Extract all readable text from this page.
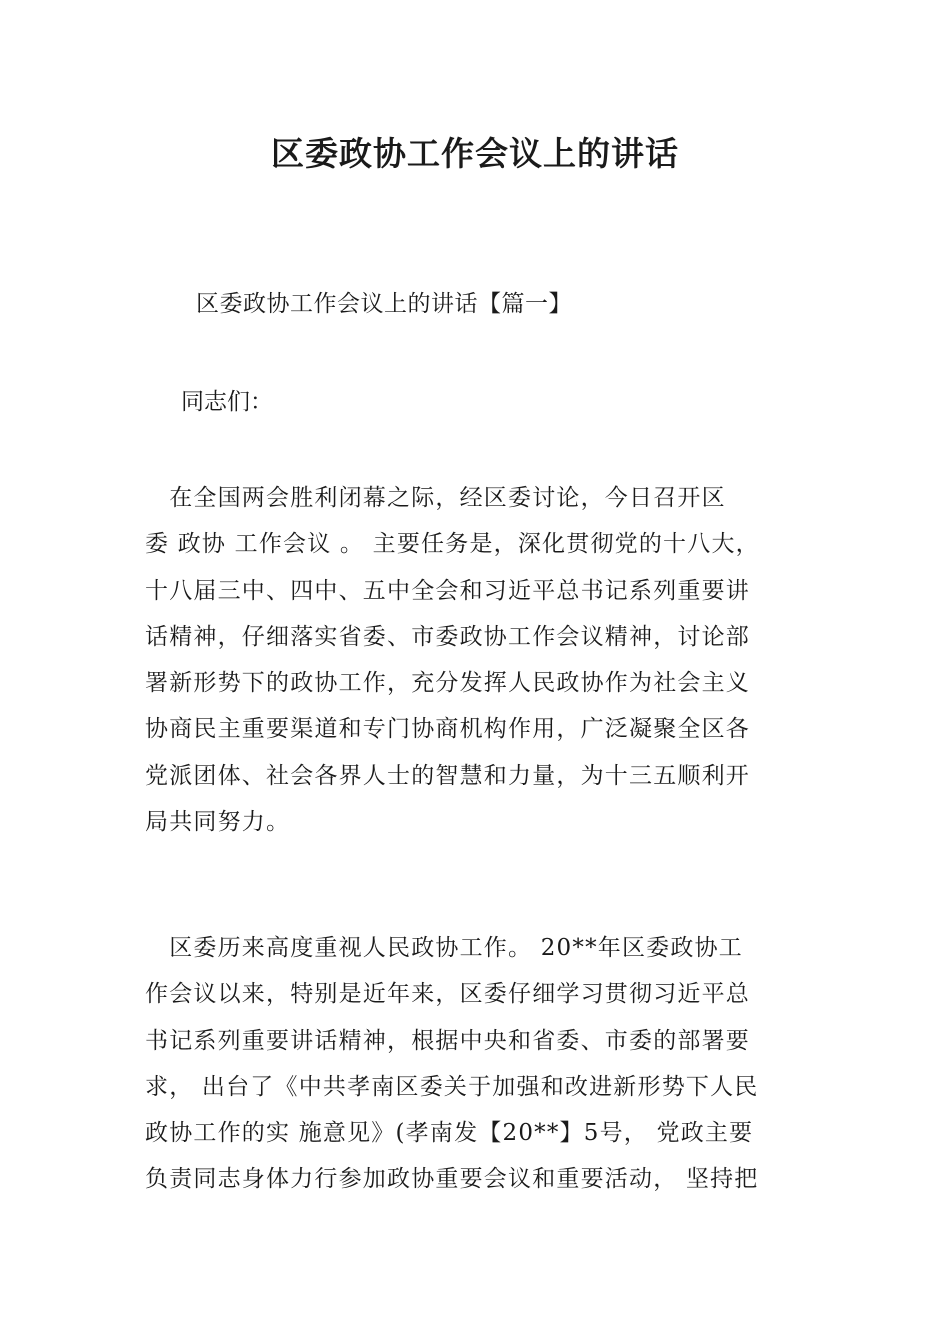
区委政协工作会议上的讲话
区委政协工作会议上的讲话【篇一】
同志们：
　在全国两会胜利闭幕之际，经区委讨论，今日召开区
委 政协 工作会议 。 主要任务是，深化贯彻党的十八大，
十八届三中、四中、五中全会和习近平总书记系列重要讲
话精神，仔细落实省委、市委政协工作会议精神，讨论部
署新形势下的政协工作，充分发挥人民政协作为社会主义
协商民主重要渠道和专门协商机构作用，广泛凝聚全区各
党派团体、社会各界人士的智慧和力量，为十三五顺利开
局共同努力。
　区委历来高度重视人民政协工作。 20**年区委政协工
作会议以来，特别是近年来，区委仔细学习贯彻习近平总
书记系列重要讲话精神，根据中央和省委、市委的部署要
求， 出台了《中共孝南区委关于加强和改进新形势下人民
政协工作的实 施意见》(孝南发【20**】5号， 党政主要
负责同志身体力行参加政协重要会议和重要活动， 坚持把
